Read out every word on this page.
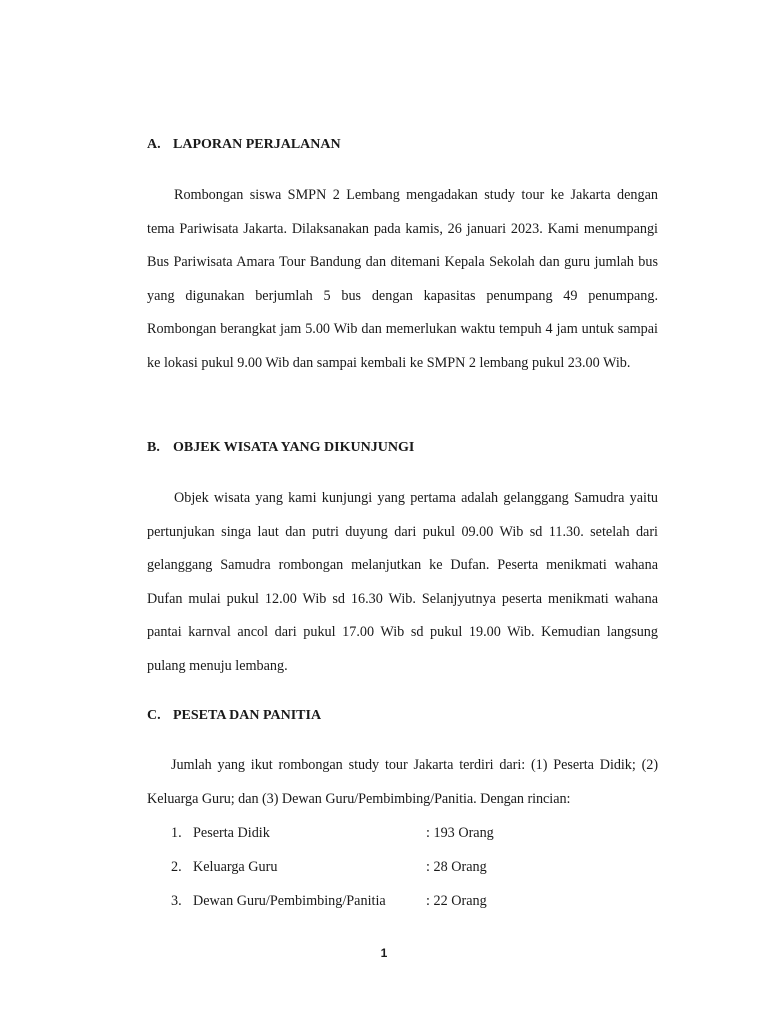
A. LAPORAN PERJALANAN

Rombongan siswa SMPN 2 Lembang mengadakan study tour ke Jakarta dengan tema Pariwisata Jakarta. Dilaksanakan pada kamis, 26 januari 2023. Kami menumpangi Bus Pariwisata Amara Tour Bandung dan ditemani Kepala Sekolah dan guru jumlah bus yang digunakan berjumlah 5 bus dengan kapasitas penumpang 49 penumpang. Rombongan berangkat jam 5.00 Wib dan memerlukan waktu tempuh 4 jam untuk sampai ke lokasi pukul 9.00 Wib dan sampai kembali ke SMPN 2 lembang pukul 23.00 Wib.

B. OBJEK WISATA YANG DIKUNJUNGI

Objek wisata yang kami kunjungi yang pertama adalah gelanggang Samudra yaitu pertunjukan singa laut dan putri duyung dari pukul 09.00 Wib sd 11.30. setelah dari gelanggang Samudra rombongan melanjutkan ke Dufan. Peserta menikmati wahana Dufan mulai pukul 12.00 Wib sd 16.30 Wib. Selanjyutnya peserta menikmati wahana pantai karnval ancol dari pukul 17.00 Wib sd pukul 19.00 Wib. Kemudian langsung pulang menuju lembang.

C. PESETA DAN PANITIA

Jumlah yang ikut rombongan study tour Jakarta terdiri dari: (1) Peserta Didik; (2) Keluarga Guru; dan (3) Dewan Guru/Pembimbing/Panitia. Dengan rincian:

1. Peserta Didik	: 193 Orang
2. Keluarga Guru	: 28 Orang
3. Dewan Guru/Pembimbing/Panitia	: 22 Orang
1
